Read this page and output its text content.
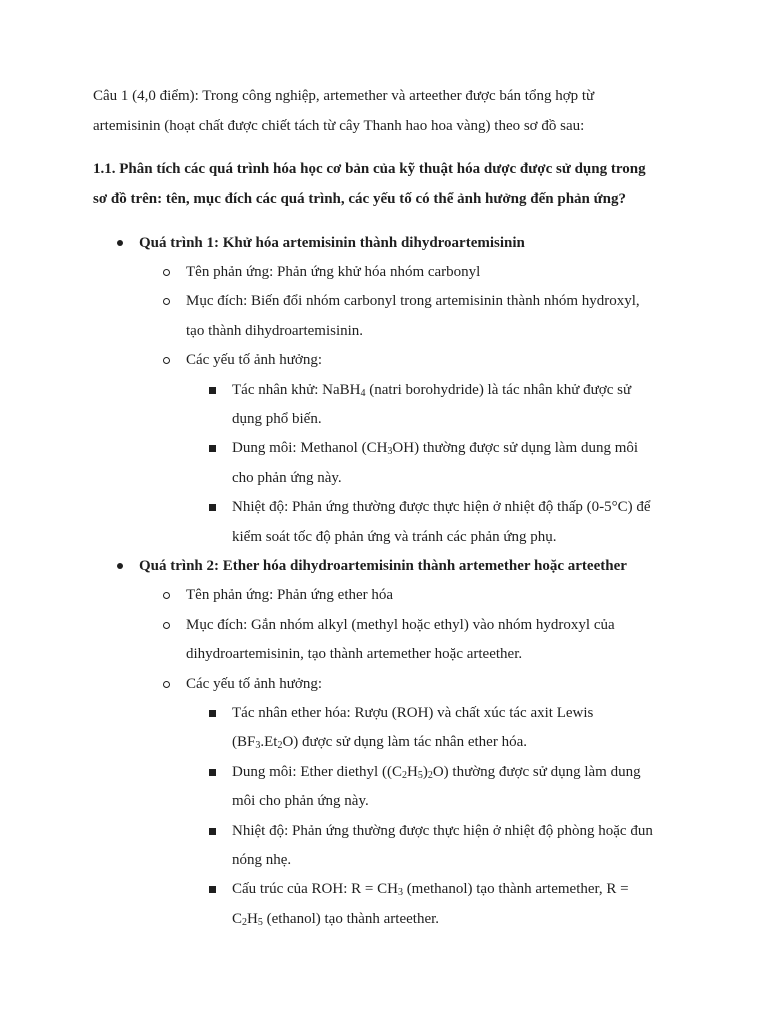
Câu 1 (4,0 điểm): Trong công nghiệp, artemether và arteether được bán tổng hợp từ
artemisinin (hoạt chất được chiết tách từ cây Thanh hao hoa vàng) theo sơ đồ sau:
1.1. Phân tích các quá trình hóa học cơ bản của kỹ thuật hóa dược được sử dụng trong
sơ đồ trên: tên, mục đích các quá trình, các yếu tố có thể ảnh hưởng đến phản ứng?
Quá trình 1: Khử hóa artemisinin thành dihydroartemisinin
Tên phản ứng: Phản ứng khử hóa nhóm carbonyl
Mục đích: Biến đổi nhóm carbonyl trong artemisinin thành nhóm hydroxyl,
tạo thành dihydroartemisinin.
Các yếu tố ảnh hưởng:
Tác nhân khử: NaBH$_4$ (natri borohydride) là tác nhân khử được sử
dụng phổ biến.
Dung môi: Methanol $(CH_3OH)$ thường được sử dụng làm dung môi
cho phản ứng này.
Nhiệt độ: Phản ứng thường được thực hiện ở nhiệt độ thấp (0-5°C) để
kiểm soát tốc độ phản ứng và tránh các phản ứng phụ.
Quá trình 2: Ether hóa dihydroartemisinin thành artemether hoặc arteether
Tên phản ứng: Phản ứng ether hóa
Mục đích: Gắn nhóm alkyl (methyl hoặc ethyl) vào nhóm hydroxyl của
dihydroartemisinin, tạo thành artemether hoặc arteether.
Các yếu tố ảnh hưởng:
Tác nhân ether hóa: Rượu (ROH) và chất xúc tác axit Lewis
$(BF_3.Et_2O)$ được sử dụng làm tác nhân ether hóa.
Dung môi: Ether diethyl $((C_2H_5)_2O)$ thường được sử dụng làm dung
môi cho phản ứng này.
Nhiệt độ: Phản ứng thường được thực hiện ở nhiệt độ phòng hoặc đun
nóng nhẹ.
Cấu trúc của ROH: $R = CH_3$ (methanol) tạo thành artemether, R =
$C_2H_5$ (ethanol) tạo thành arteether.
